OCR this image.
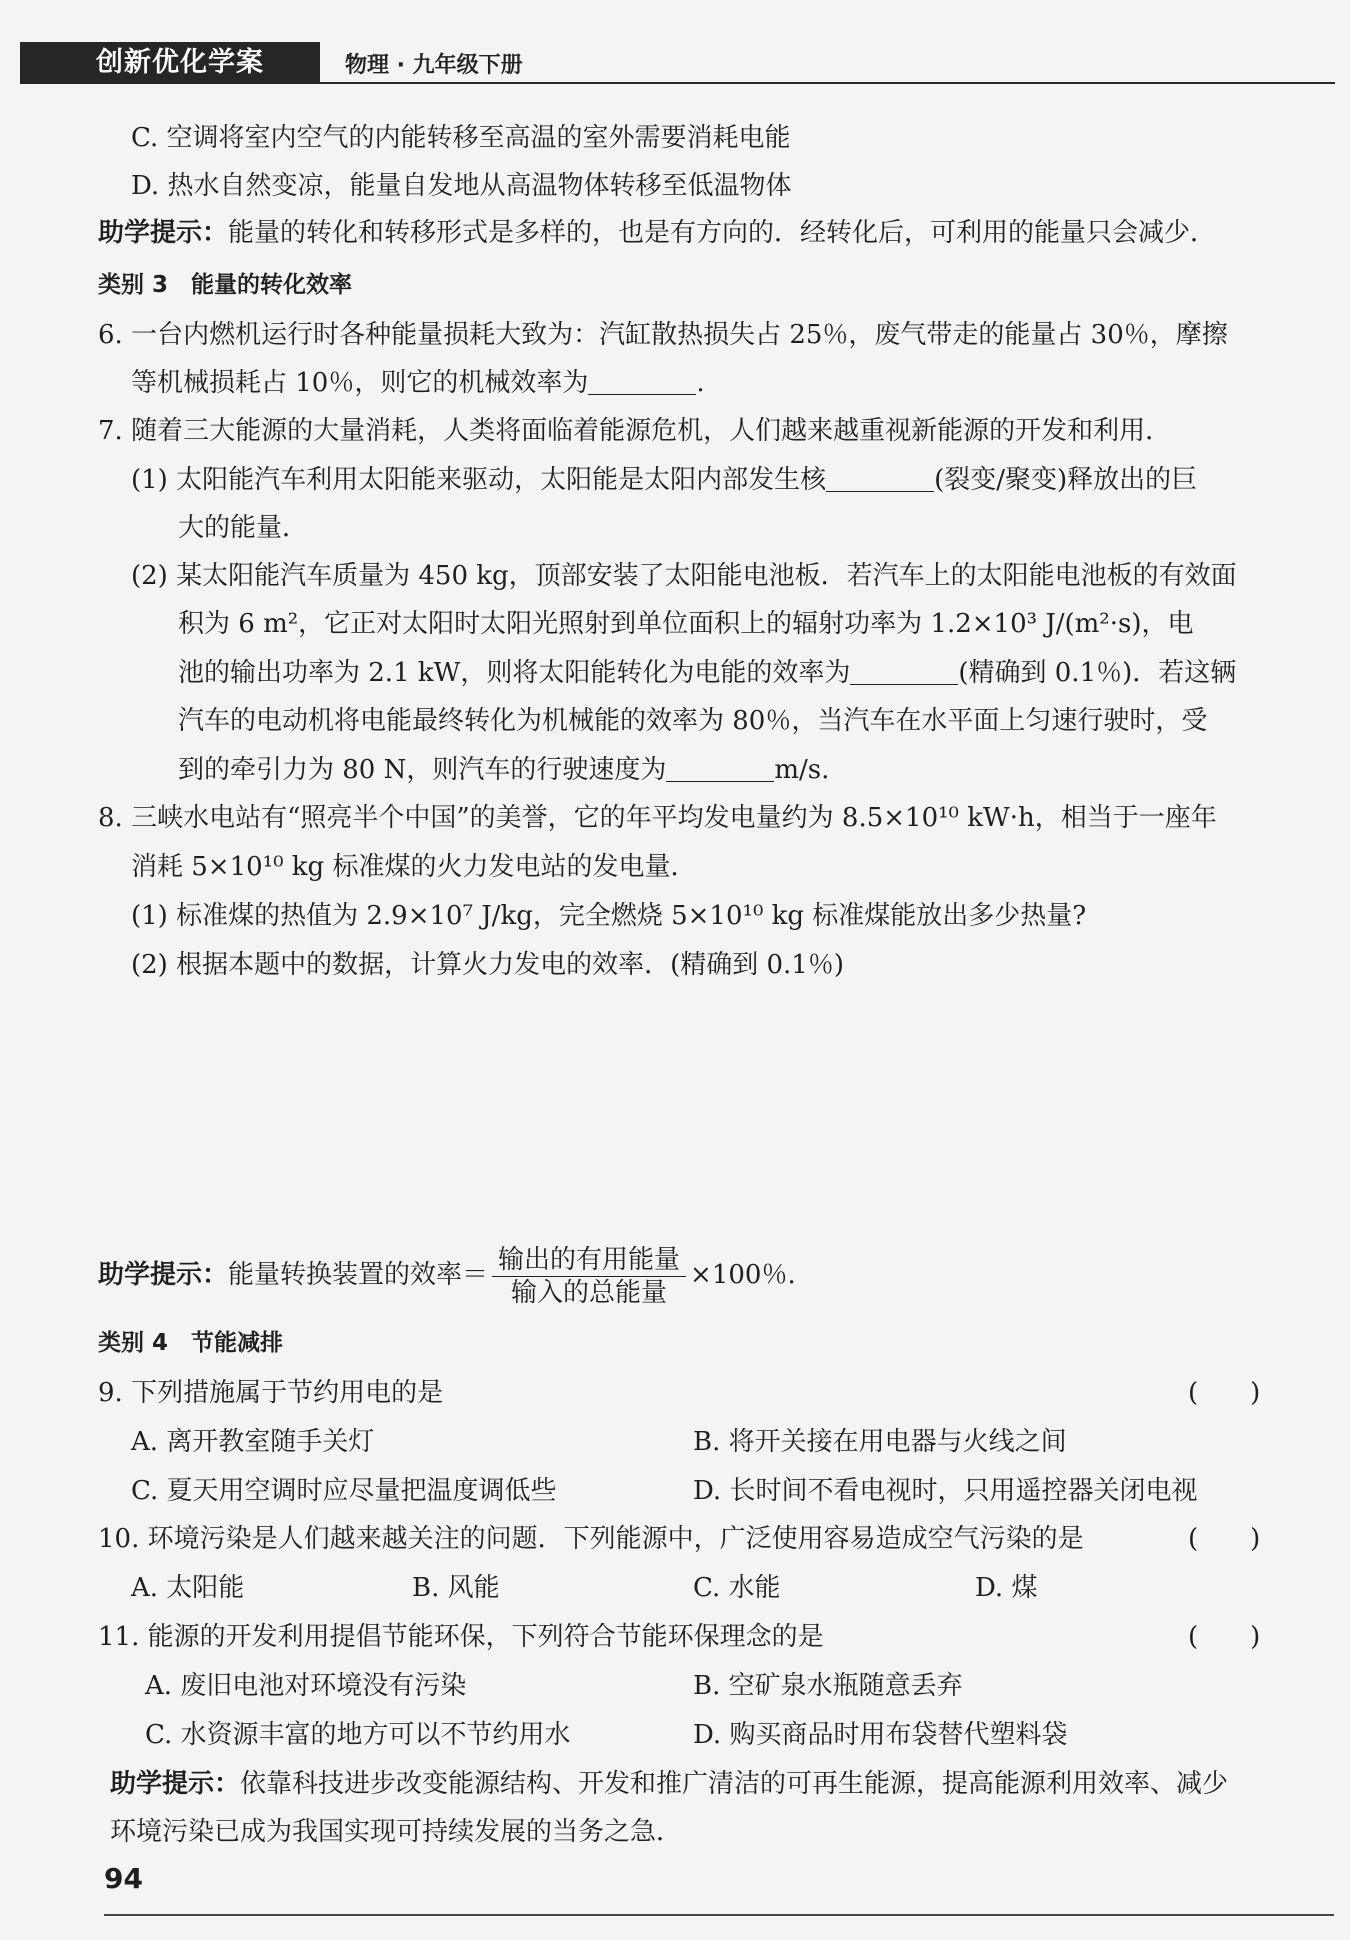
创新优化学案	物理 · 九年级下册
C. 空调将室内空气的内能转移至高温的室外需要消耗电能
D. 热水自然变凉，能量自发地从高温物体转移至低温物体
助学提示：能量的转化和转移形式是多样的，也是有方向的．经转化后，可利用的能量只会减少．
类别 3　能量的转化效率
6. 一台内燃机运行时各种能量损耗大致为：汽缸散热损失占 25％，废气带走的能量占 30％，摩擦
等机械损耗占 10％，则它的机械效率为	.
7. 随着三大能源的大量消耗，人类将面临着能源危机，人们越来越重视新能源的开发和利用．
(1) 太阳能汽车利用太阳能来驱动，太阳能是太阳内部发生核	(裂变/聚变)释放出的巨
大的能量．
(2) 某太阳能汽车质量为 450 kg，顶部安装了太阳能电池板．若汽车上的太阳能电池板的有效面
积为 6 m²，它正对太阳时太阳光照射到单位面积上的辐射功率为 1.2×10³ J/(m²·s)，电
池的输出功率为 2.1 kW，则将太阳能转化为电能的效率为	(精确到 0.1％)．若这辆
汽车的电动机将电能最终转化为机械能的效率为 80％，当汽车在水平面上匀速行驶时，受
到的牵引力为 80 N，则汽车的行驶速度为	m/s.
8. 三峡水电站有“照亮半个中国”的美誉，它的年平均发电量约为 8.5×10¹⁰ kW·h，相当于一座年
消耗 5×10¹⁰ kg 标准煤的火力发电站的发电量．
(1) 标准煤的热值为 2.9×10⁷ J/kg，完全燃烧 5×10¹⁰ kg 标准煤能放出多少热量?
(2) 根据本题中的数据，计算火力发电的效率．(精确到 0.1％)
助学提示：能量转换装置的效率＝ $\frac{\text{输出的有用能量}}{\text{输入的总能量}} \times 100$％.
类别 4　节能减排
9. 下列措施属于节约用电的是	(　　)
A. 离开教室随手关灯	B. 将开关接在用电器与火线之间
C. 夏天用空调时应尽量把温度调低些	D. 长时间不看电视时，只用遥控器关闭电视
10. 环境污染是人们越来越关注的问题．下列能源中，广泛使用容易造成空气污染的是	(　　)
A. 太阳能	B. 风能	C. 水能	D. 煤
11. 能源的开发利用提倡节能环保，下列符合节能环保理念的是	(　　)
A. 废旧电池对环境没有污染	B. 空矿泉水瓶随意丢弃
C. 水资源丰富的地方可以不节约用水	D. 购买商品时用布袋替代塑料袋
助学提示：依靠科技进步改变能源结构、开发和推广清洁的可再生能源，提高能源利用效率、减少
环境污染已成为我国实现可持续发展的当务之急．
94
